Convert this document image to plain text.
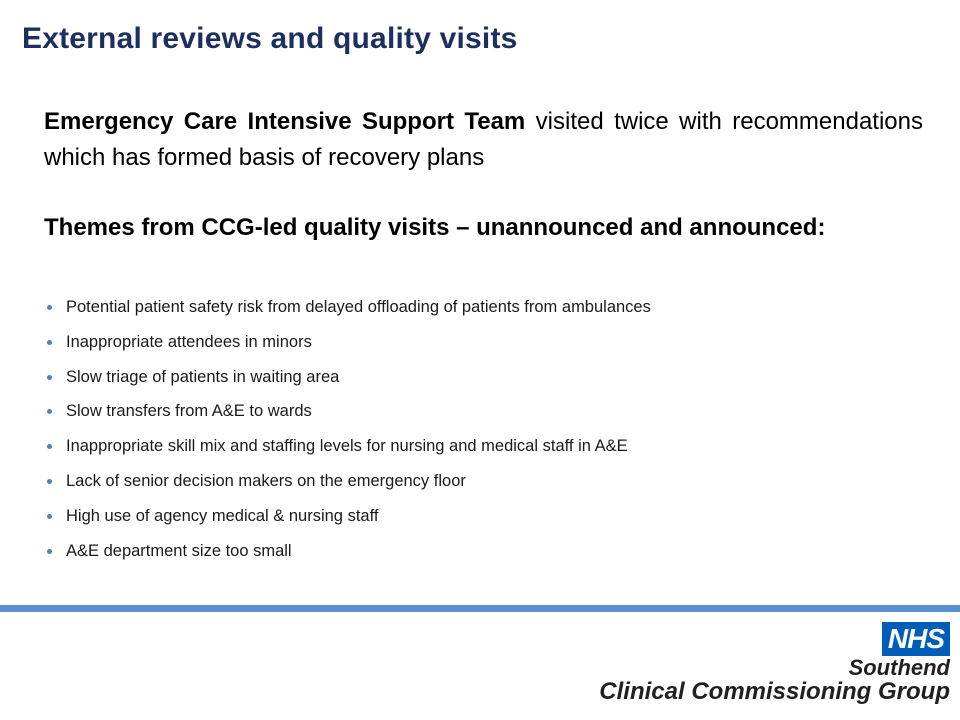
External reviews and quality visits
Emergency Care Intensive Support Team visited twice with recommendations which has formed basis of recovery plans
Themes from CCG-led quality visits – unannounced and announced:
Potential patient safety risk from delayed offloading of patients from ambulances
Inappropriate attendees in minors
Slow triage of patients in waiting area
Slow transfers from A&E to wards
Inappropriate skill mix and staffing levels for nursing and medical staff in A&E
Lack of senior decision makers on the emergency floor
High use of agency medical & nursing staff
A&E department size too small
NHS
Southend
Clinical Commissioning Group
